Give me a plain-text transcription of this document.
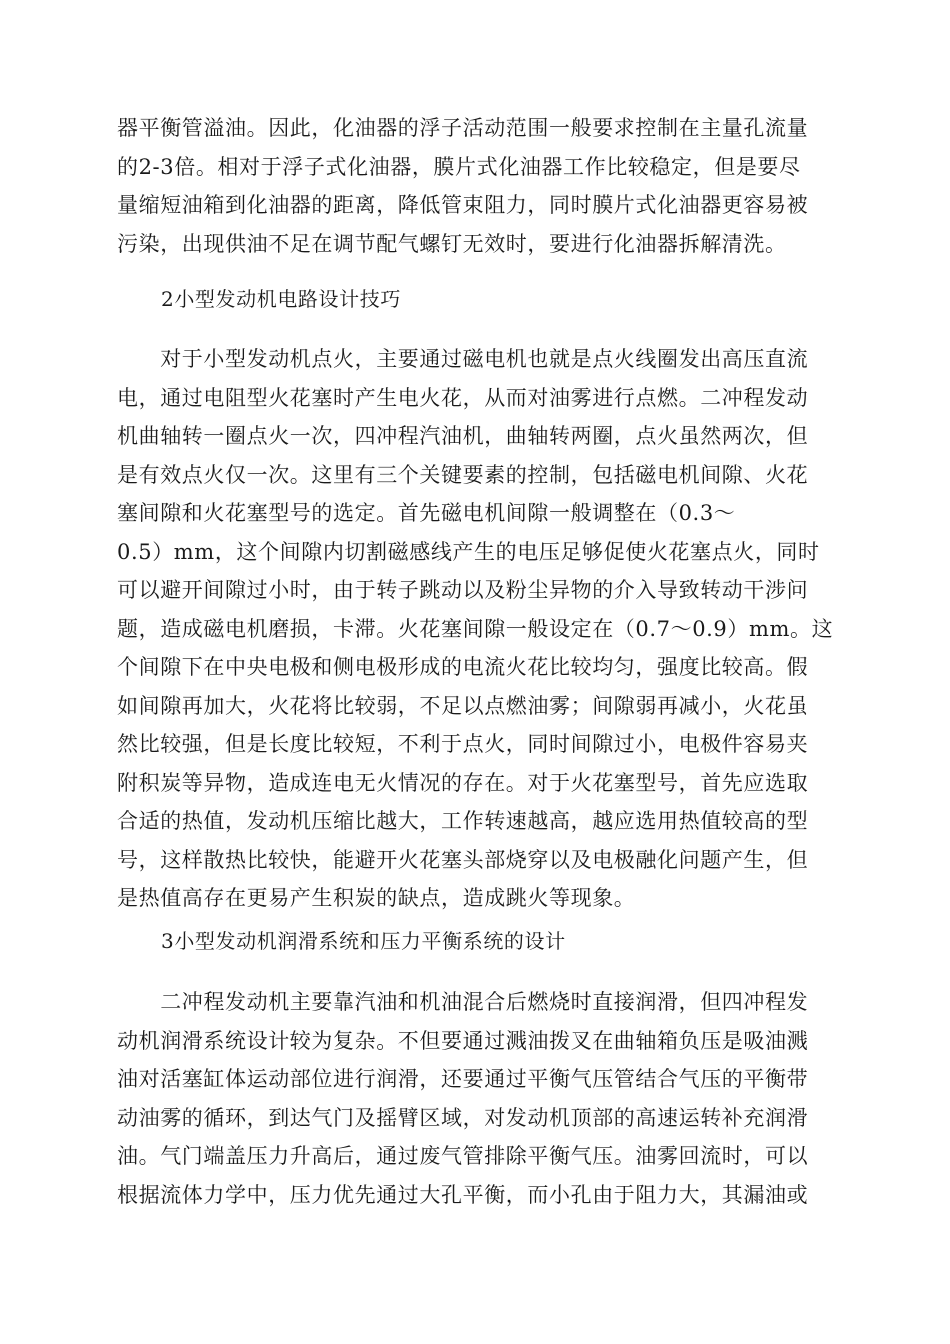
器平衡管溢油。因此，化油器的浮子活动范围一般要求控制在主量孔流量
的2-3倍。相对于浮子式化油器，膜片式化油器工作比较稳定，但是要尽
量缩短油箱到化油器的距离，降低管束阻力，同时膜片式化油器更容易被
污染，出现供油不足在调节配气螺钉无效时，要进行化油器拆解清洗。
2小型发动机电路设计技巧
　　对于小型发动机点火，主要通过磁电机也就是点火线圈发出高压直流
电，通过电阻型火花塞时产生电火花，从而对油雾进行点燃。二冲程发动
机曲轴转一圈点火一次，四冲程汽油机，曲轴转两圈，点火虽然两次，但
是有效点火仅一次。这里有三个关键要素的控制，包括磁电机间隙、火花
塞间隙和火花塞型号的选定。首先磁电机间隙一般调整在（0.3～
0.5）mm，这个间隙内切割磁感线产生的电压足够促使火花塞点火，同时
可以避开间隙过小时，由于转子跳动以及粉尘异物的介入导致转动干涉问
题，造成磁电机磨损，卡滞。火花塞间隙一般设定在（0.7～0.9）mm。这
个间隙下在中央电极和侧电极形成的电流火花比较均匀，强度比较高。假
如间隙再加大，火花将比较弱，不足以点燃油雾；间隙弱再减小，火花虽
然比较强，但是长度比较短，不利于点火，同时间隙过小，电极件容易夹
附积炭等异物，造成连电无火情况的存在。对于火花塞型号，首先应选取
合适的热值，发动机压缩比越大，工作转速越高，越应选用热值较高的型
号，这样散热比较快，能避开火花塞头部烧穿以及电极融化问题产生，但
是热值高存在更易产生积炭的缺点，造成跳火等现象。
3小型发动机润滑系统和压力平衡系统的设计
　　二冲程发动机主要靠汽油和机油混合后燃烧时直接润滑，但四冲程发
动机润滑系统设计较为复杂。不但要通过溅油拨叉在曲轴箱负压是吸油溅
油对活塞缸体运动部位进行润滑，还要通过平衡气压管结合气压的平衡带
动油雾的循环，到达气门及摇臂区域，对发动机顶部的高速运转补充润滑
油。气门端盖压力升高后，通过废气管排除平衡气压。油雾回流时，可以
根据流体力学中，压力优先通过大孔平衡，而小孔由于阻力大，其漏油或
